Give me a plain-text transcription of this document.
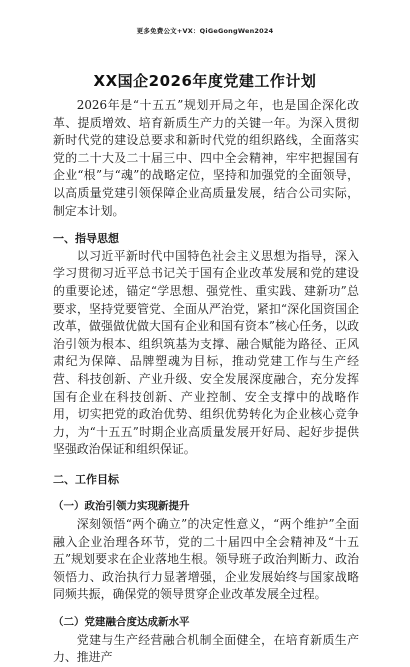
更多免费公文+VX：QiGeGongWen2024
XX国企2026年度党建工作计划

2026年是“十五五”规划开局之年，也是国企深化改革、提质增效、培育新质生产力的关键一年。为深入贯彻新时代党的建设总要求和新时代党的组织路线，全面落实党的二十大及二十届三中、四中全会精神，牢牢把握国有企业“根”与“魂”的战略定位，坚持和加强党的全面领导，以高质量党建引领保障企业高质量发展，结合公司实际，制定本计划。

一、指导思想

以习近平新时代中国特色社会主义思想为指导，深入学习贯彻习近平总书记关于国有企业改革发展和党的建设的重要论述，锚定“学思想、强党性、重实践、建新功”总要求，坚持党要管党、全面从严治党，紧扣“深化国资国企改革，做强做优做大国有企业和国有资本”核心任务，以政治引领为根本、组织筑基为支撑、融合赋能为路径、正风肃纪为保障、品牌塑魂为目标，推动党建工作与生产经营、科技创新、产业升级、安全发展深度融合，充分发挥国有企业在科技创新、产业控制、安全支撑中的战略作用，切实把党的政治优势、组织优势转化为企业核心竞争力，为“十五五”时期企业高质量发展开好局、起好步提供坚强政治保证和组织保证。

二、工作目标

（一）政治引领力实现新提升

深刻领悟“两个确立”的决定性意义，“两个维护”全面融入企业治理各环节，党的二十届四中全会精神及“十五五”规划要求在企业落地生根。领导班子政治判断力、政治领悟力、政治执行力显著增强，企业发展始终与国家战略同频共振，确保党的领导贯穿企业改革发展全过程。

（二）党建融合度达成新水平

党建与生产经营融合机制全面健全，在培育新质生产力、推进产
